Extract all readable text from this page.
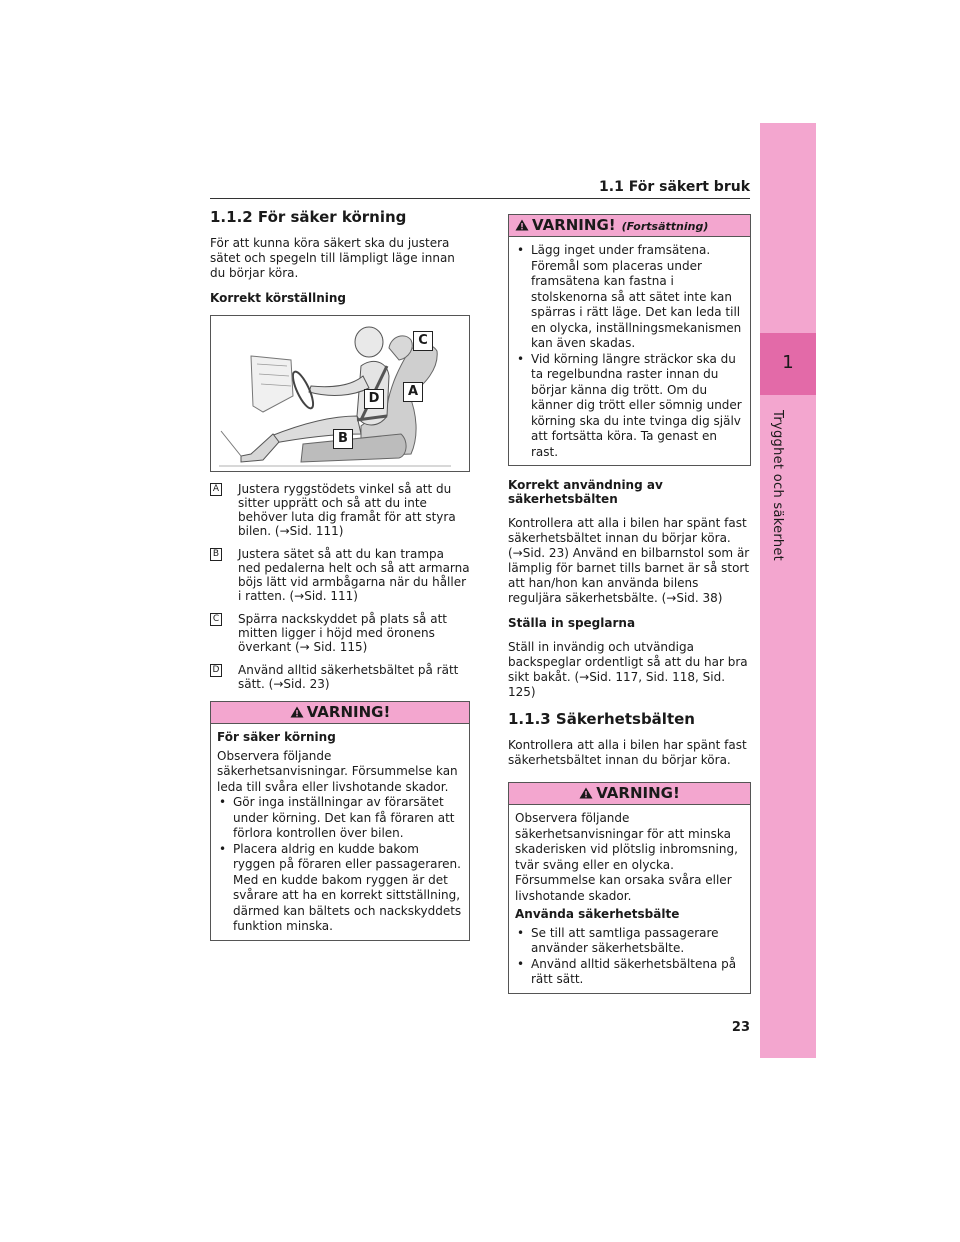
1.1 För säkert bruk
1
Trygghet och säkerhet
1.1.2 För säker körning

För att kunna köra säkert ska du justera sätet och spegeln till lämpligt läge innan du börjar köra.

Korrekt körställning
C
A
D
B
A Justera ryggstödets vinkel så att du sitter upprätt och så att du inte behöver luta dig framåt för att styra bilen. (→Sid. 111)
B Justera sätet så att du kan trampa ned pedalerna helt och så att armarna böjs lätt vid armbågarna när du håller i ratten. (→Sid. 111)
C Spärra nackskyddet på plats så att mitten ligger i höjd med öronens överkant (→ Sid. 115)
D Använd alltid säkerhetsbältet på rätt sätt. (→Sid. 23)
VARNING!
För säker körning
Observera följande säkerhetsanvisningar. Försummelse kan leda till svåra eller livshotande skador.
• Gör inga inställningar av förarsätet under körning. Det kan få föraren att förlora kontrollen över bilen.
• Placera aldrig en kudde bakom ryggen på föraren eller passageraren. Med en kudde bakom ryggen är det svårare att ha en korrekt sittställning, därmed kan bältets och nackskyddets funktion minska.
VARNING! (Fortsättning)
• Lägg inget under framsätena. Föremål som placeras under framsätena kan fastna i stolskenorna så att sätet inte kan spärras i rätt läge. Det kan leda till en olycka, inställningsmekanismen kan även skadas.
• Vid körning längre sträckor ska du ta regelbundna raster innan du börjar känna dig trött. Om du känner dig trött eller sömnig under körning ska du inte tvinga dig själv att fortsätta köra. Ta genast en rast.
Korrekt användning av säkerhetsbälten

Kontrollera att alla i bilen har spänt fast säkerhetsbältet innan du börjar köra. (→Sid. 23) Använd en bilbarnstol som är lämplig för barnet tills barnet är så stort att han/hon kan använda bilens reguljära säkerhetsbälte. (→Sid. 38)

Ställa in speglarna

Ställ in invändig och utvändiga backspeglar ordentligt så att du har bra sikt bakåt. (→Sid. 117, Sid. 118, Sid. 125)

1.1.3 Säkerhetsbälten

Kontrollera att alla i bilen har spänt fast säkerhetsbältet innan du börjar köra.

VARNING!
Observera följande säkerhetsanvisningar för att minska skaderisken vid plötslig inbromsning, tvär sväng eller en olycka. Försummelse kan orsaka svåra eller livshotande skador.
Använda säkerhetsbälte
• Se till att samtliga passagerare använder säkerhetsbälte.
• Använd alltid säkerhetsbältena på rätt sätt.
23
